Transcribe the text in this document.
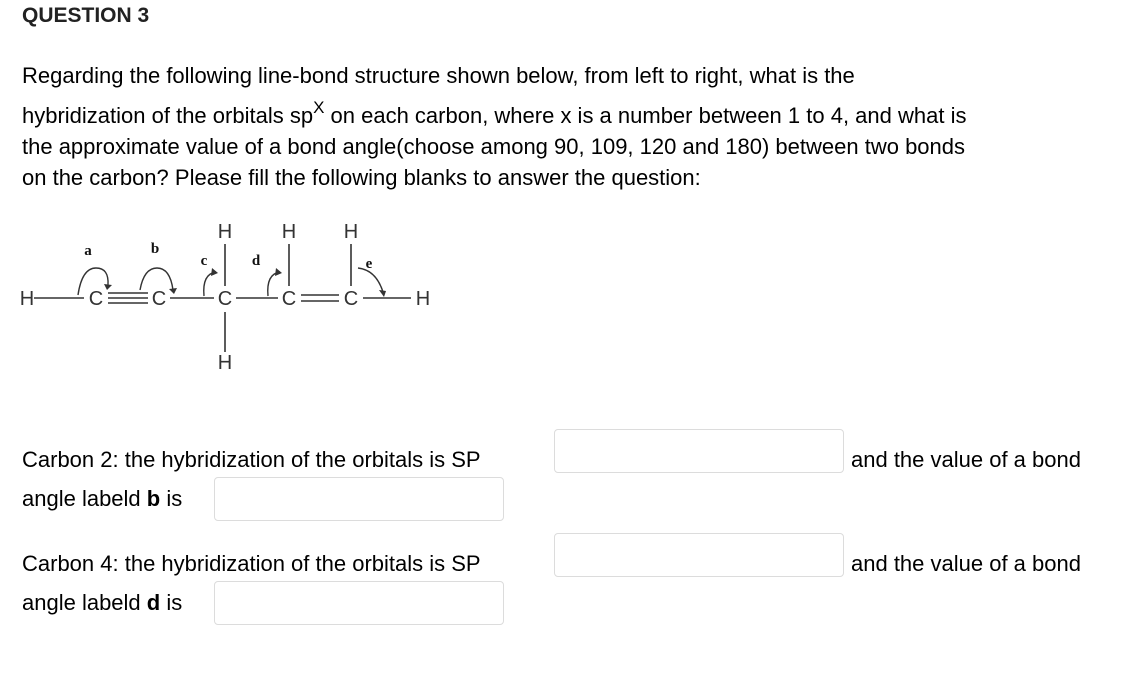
QUESTION 3
Regarding the following line-bond structure shown below, from left to right, what is the
hybridization of the orbitals $sp^X$ on each carbon, where x is a number between 1 to 4, and what is
the approximate value of a bond angle(choose among 90, 109, 120 and 180) between two bonds
on the carbon? Please fill the following blanks to answer the question:
H	C C	C C C	H
H H H
H
a	b
c	d	e
Carbon 2: the hybridization of the orbitals is SP	and the value of a bond
angle labeld b is
Carbon 4: the hybridization of the orbitals is SP	and the value of a bond
angle labeld d is
